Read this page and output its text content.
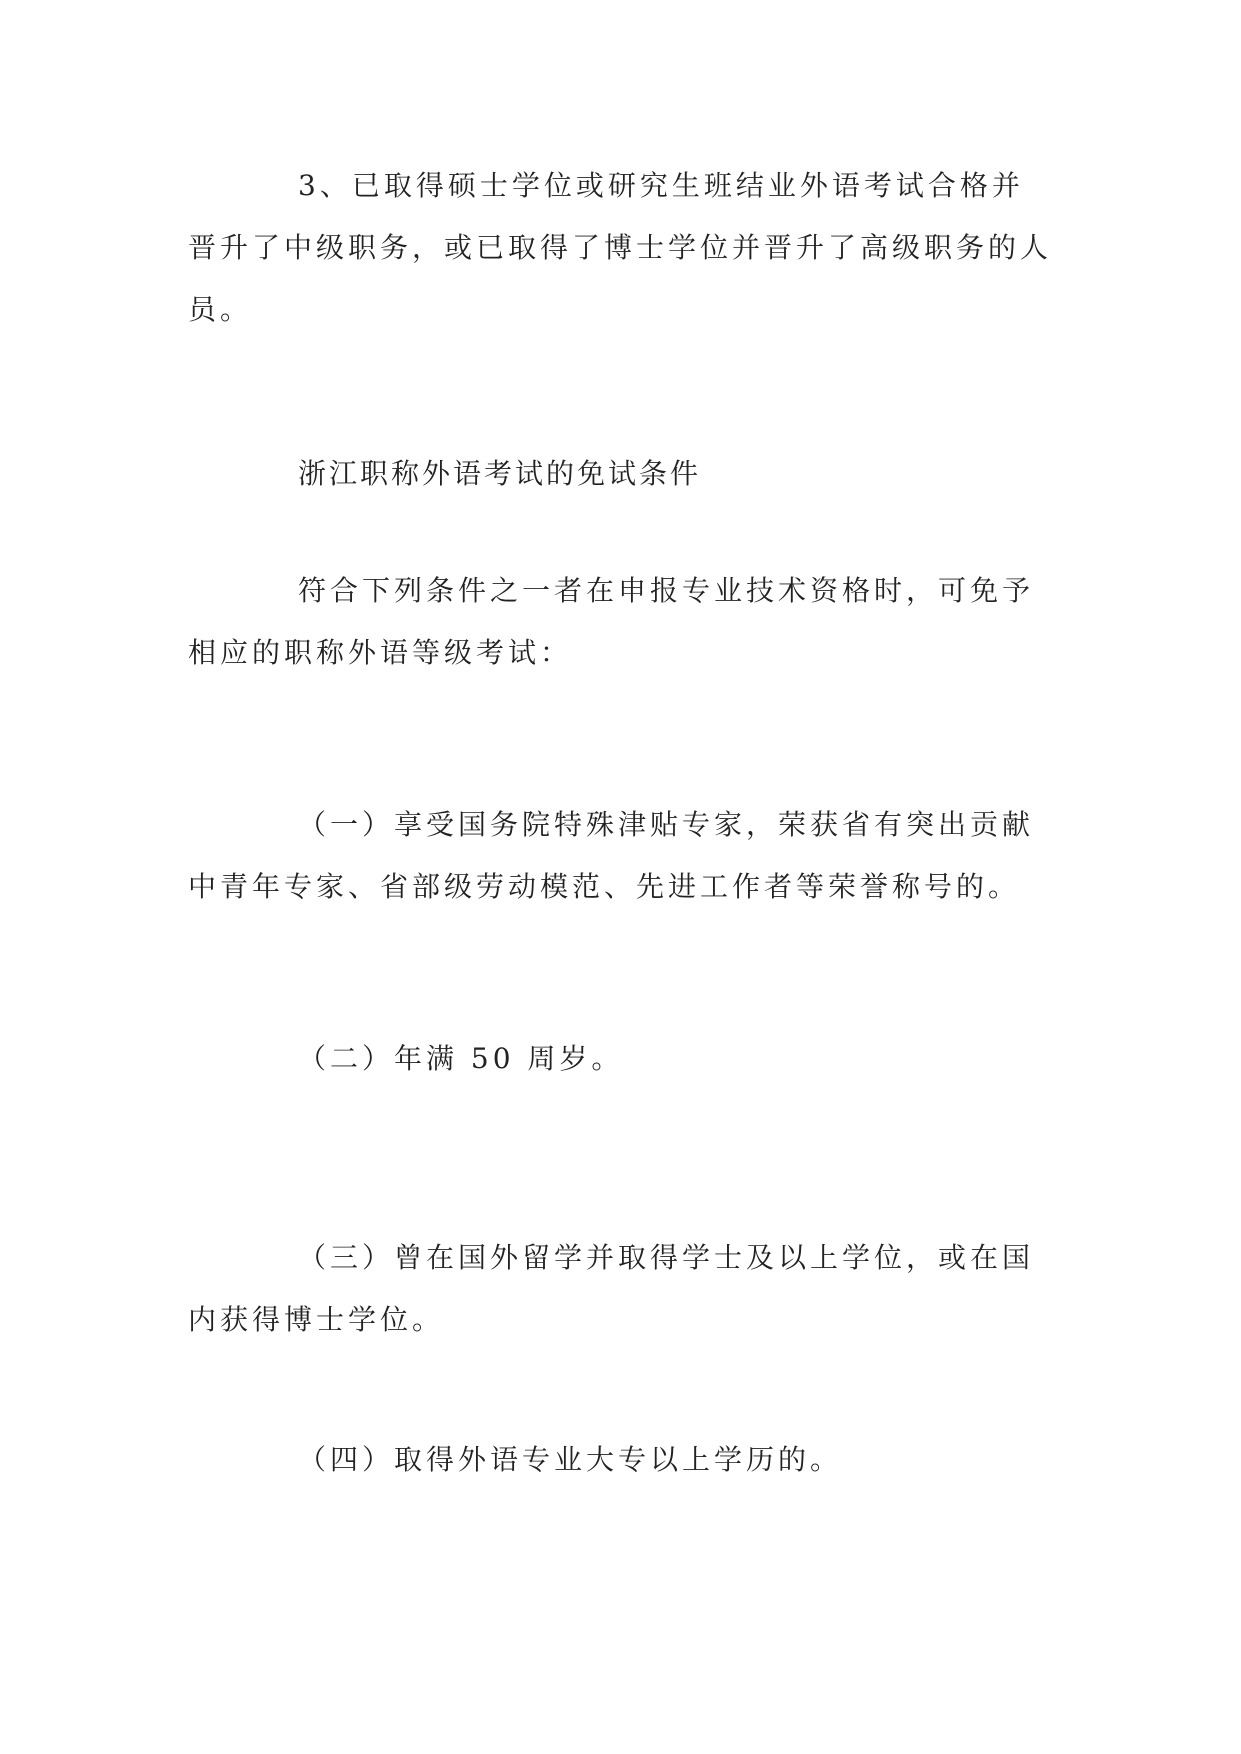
3、已取得硕士学位或研究生班结业外语考试合格并晋升了中级职务，或已取得了博士学位并晋升了高级职务的人员。

浙江职称外语考试的免试条件

符合下列条件之一者在申报专业技术资格时，可免予相应的职称外语等级考试：

（一）享受国务院特殊津贴专家，荣获省有突出贡献中青年专家、省部级劳动模范、先进工作者等荣誉称号的。

（二）年满 50 周岁。

（三）曾在国外留学并取得学士及以上学位，或在国内获得博士学位。

（四）取得外语专业大专以上学历的。
